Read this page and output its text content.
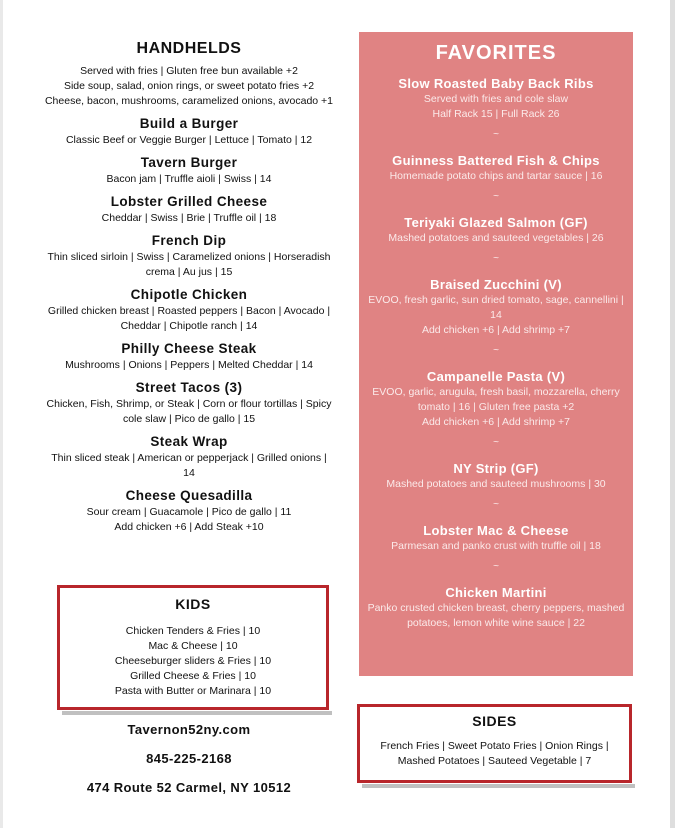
HANDHELDS
Served with fries | Gluten free bun available +2
Side soup, salad, onion rings, or sweet potato fries +2
Cheese, bacon, mushrooms, caramelized onions, avocado +1
Build a Burger
Classic Beef or Veggie Burger | Lettuce | Tomato | 12
Tavern Burger
Bacon jam | Truffle aioli | Swiss | 14
Lobster Grilled Cheese
Cheddar | Swiss | Brie | Truffle oil | 18
French Dip
Thin sliced sirloin | Swiss | Caramelized onions | Horseradish crema | Au jus | 15
Chipotle Chicken
Grilled chicken breast | Roasted peppers | Bacon | Avocado | Cheddar | Chipotle ranch | 14
Philly Cheese Steak
Mushrooms | Onions | Peppers | Melted Cheddar | 14
Street Tacos (3)
Chicken, Fish, Shrimp, or Steak | Corn or flour tortillas | Spicy cole slaw | Pico de gallo | 15
Steak Wrap
Thin sliced steak | American or pepperjack | Grilled onions | 14
Cheese Quesadilla
Sour cream | Guacamole | Pico de gallo | 11
Add chicken +6 | Add Steak +10
KIDS
Chicken Tenders & Fries | 10
Mac & Cheese | 10
Cheeseburger sliders & Fries | 10
Grilled Cheese & Fries | 10
Pasta with Butter or Marinara | 10
Tavernon52ny.com
845-225-2168
474 Route 52 Carmel, NY 10512
FAVORITES
Slow Roasted Baby Back Ribs
Served with fries and cole slaw
Half Rack 15 | Full Rack 26
~
Guinness Battered Fish & Chips
Homemade potato chips and tartar sauce | 16
~
Teriyaki Glazed Salmon (GF)
Mashed potatoes and sauteed vegetables | 26
~
Braised Zucchini (V)
EVOO, fresh garlic, sun dried tomato, sage, cannellini | 14
Add chicken +6 | Add shrimp +7
~
Campanelle Pasta (V)
EVOO, garlic, arugula, fresh basil, mozzarella, cherry tomato | 16 | Gluten free pasta +2
Add chicken +6 | Add shrimp +7
~
NY Strip (GF)
Mashed potatoes and sauteed mushrooms | 30
~
Lobster Mac & Cheese
Parmesan and panko crust with truffle oil | 18
~
Chicken Martini
Panko crusted chicken breast, cherry peppers, mashed potatoes, lemon white wine sauce | 22
SIDES
French Fries | Sweet Potato Fries | Onion Rings | Mashed Potatoes | Sauteed Vegetable | 7
